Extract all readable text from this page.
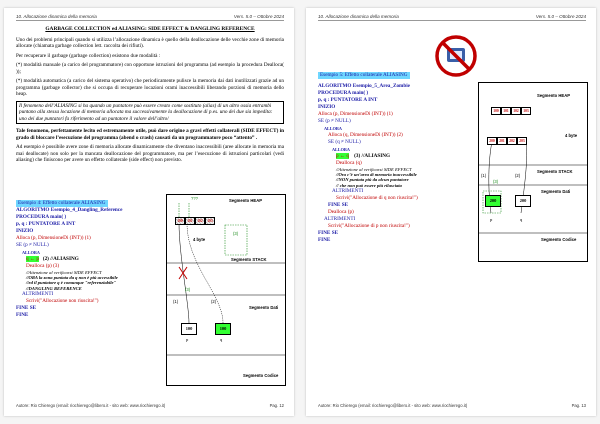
10. Allocazione dinamica della memoria	Vers. 5.0 – Ottobre 2024
GARBAGE COLLECTION ed ALIASING: SIDE EFFECT & DANGLING REFERENCE

Uno dei problemi principali quando si utilizza l’allocazione dinamica è quello della deallocazione delle vecchie zone di memoria allocate (chiamata garbage collection lett. raccolta dei rifiuti).

Per recuperare il garbage (garbage collection) esistono due modalità :

(*) modalità manuale (a carico del programmatore) con opportune istruzioni del programma (ad esempio la procedura Dealloca( ));

(*) modalità automatica (a carico del sistema operativo) che periodicamente pulisce la memoria dai dati inutilizzati grazie ad un programma (garbage collector) che si occupa di recuperare locazioni orami inaccessibili liberando porzioni di memoria dello heap.

Il fenomeno dell’ALIASING si ha quando un puntatore può essere creato come sostituto (alias) di un altro ossia entrambi puntano alla stessa locazione di memoria allocata ma successivamente la deallocazione di p.es. uno dei due sia impedita: uno dei due puntatori fa riferimento ad un puntatore il valore dell’altro/

Tale fenomeno, perfettamente lecito ed estremamente utile, può dare origine a gravi effetti collaterali (SIDE EFFECT) in grado di bloccare l’esecuzione del programma (abend o crash) causati da un programmatore poco “attento” .

Ad esempio è possibile avere zone di memoria allocate dinamicamente che diventano inaccessibili (aree allocate in memoria ma mai deallocate) non solo per la mancata deallocazione del programmatore, ma per l’esecuzione di istruzioni particolari (vedi aliasing) che finiscono per avere un effetto collaterale (side effect) non previsto.

Esempio 4: Effetto collaterale ALIASING
ALGORITMO Esempio_4_Dangling_Reference
PROCEDURA main( )
p, q : PUNTATORE A INT
INIZIO
Alloca (p, DimensioneDi (INT)) (1)
SE (p ≠ NULL)
ALLORA
q ← p (2) //ALIASING
Dealloca (p) (3)
//Attenzione al verificarsi SIDE EFFECT
//ORA la zona puntata da q non è più accessibile
//ed il puntatore q è comunque "referenziabile"
//DANGLING REFERENCE
ALTRIMENTI
Scrivi("Allocazione non riuscita!")
FINE SE
FINE
Segmento HEAP
???
100	101	102	103
4 byte
(3)
Segmento STACK
(1)	(2)
(3)
Segmento Dati
100	100
p	q
Segmento Codice
Autore: Rio Chierego (email: riochierego@libero.it - sito web: www.riochierego.it)	Pag. 12
10. Allocazione dinamica della memoria	Vers. 5.0 – Ottobre 2024
Esempio 5: Effetto collaterale ALIASING
ALGORITMO Esempio_5_Area_Zombie
PROCEDURA main( )
p, q : PUNTATORE A INT
INIZIO
Alloca (p, DimensioneDi (INT)) (1)
SE (p ≠ NULL)
ALLORA
Alloca (q, DimensioneDi (INT)) (2)
SE (q ≠ NULL)
ALLORA
p ← q (3) //ALIASING
Dealloca (q)
//Attenzione al verificarsi SIDE EFFECT
//Ora c’è un’area di memoria inaccessibile
//NON puntata più da alcun puntatore
// che non può essere più rilasciata
ALTRIMENTI
Scrivi("Allocazione di q non riuscita!")
FINE SE
Dealloca (p)
ALTRIMENTI
Scrivi("Allocazione di p non riuscita!")
FINE SE
FINE
Segmento HEAP
100	101	102	103
4 byte
200	201	202	203
Segmento STACK
(1)	(2)
(3)
Segmento Dati
200	200
p	q
Segmento Codice
Autore: Rio Chierego (email: riochierego@libero.it - sito web: www.riochierego.it)	Pag. 13
